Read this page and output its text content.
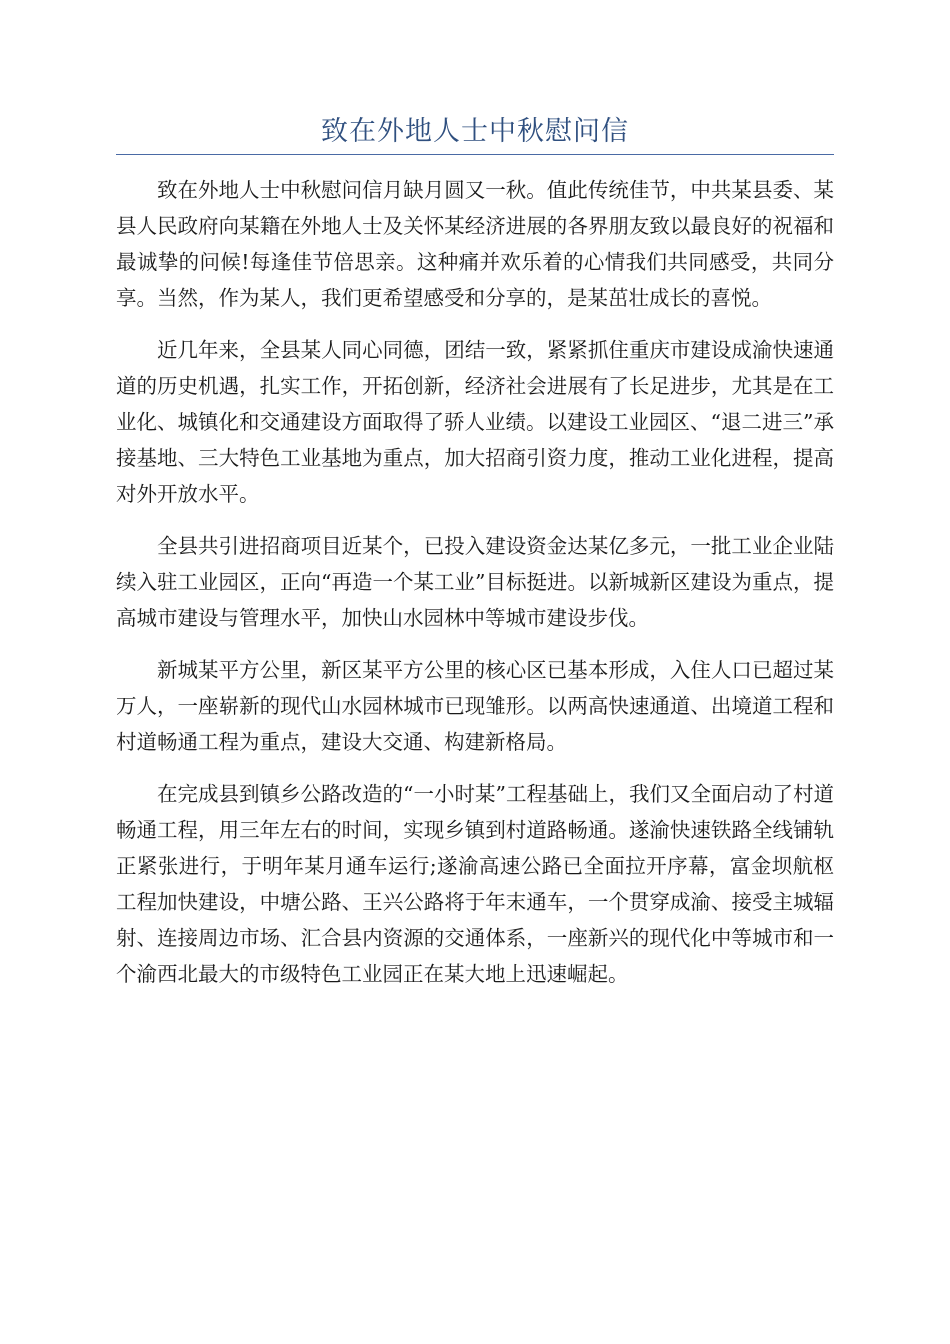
致在外地人士中秋慰问信

致在外地人士中秋慰问信月缺月圆又一秋。值此传统佳节，中共某县委、某县人民政府向某籍在外地人士及关怀某经济进展的各界朋友致以最良好的祝福和最诚挚的问候!每逢佳节倍思亲。这种痛并欢乐着的心情我们共同感受，共同分享。当然，作为某人，我们更希望感受和分享的，是某茁壮成长的喜悦。

近几年来，全县某人同心同德，团结一致，紧紧抓住重庆市建设成渝快速通道的历史机遇，扎实工作，开拓创新，经济社会进展有了长足进步，尤其是在工业化、城镇化和交通建设方面取得了骄人业绩。以建设工业园区、“退二进三”承接基地、三大特色工业基地为重点，加大招商引资力度，推动工业化进程，提高对外开放水平。

全县共引进招商项目近某个，已投入建设资金达某亿多元，一批工业企业陆续入驻工业园区，正向“再造一个某工业”目标挺进。以新城新区建设为重点，提高城市建设与管理水平，加快山水园林中等城市建设步伐。

新城某平方公里，新区某平方公里的核心区已基本形成，入住人口已超过某万人，一座崭新的现代山水园林城市已现雏形。以两高快速通道、出境道工程和村道畅通工程为重点，建设大交通、构建新格局。

在完成县到镇乡公路改造的“一小时某”工程基础上，我们又全面启动了村道畅通工程，用三年左右的时间，实现乡镇到村道路畅通。遂渝快速铁路全线铺轨正紧张进行，于明年某月通车运行;遂渝高速公路已全面拉开序幕，富金坝航枢工程加快建设，中塘公路、王兴公路将于年末通车，一个贯穿成渝、接受主城辐射、连接周边市场、汇合县内资源的交通体系，一座新兴的现代化中等城市和一个渝西北最大的市级特色工业园正在某大地上迅速崛起。
